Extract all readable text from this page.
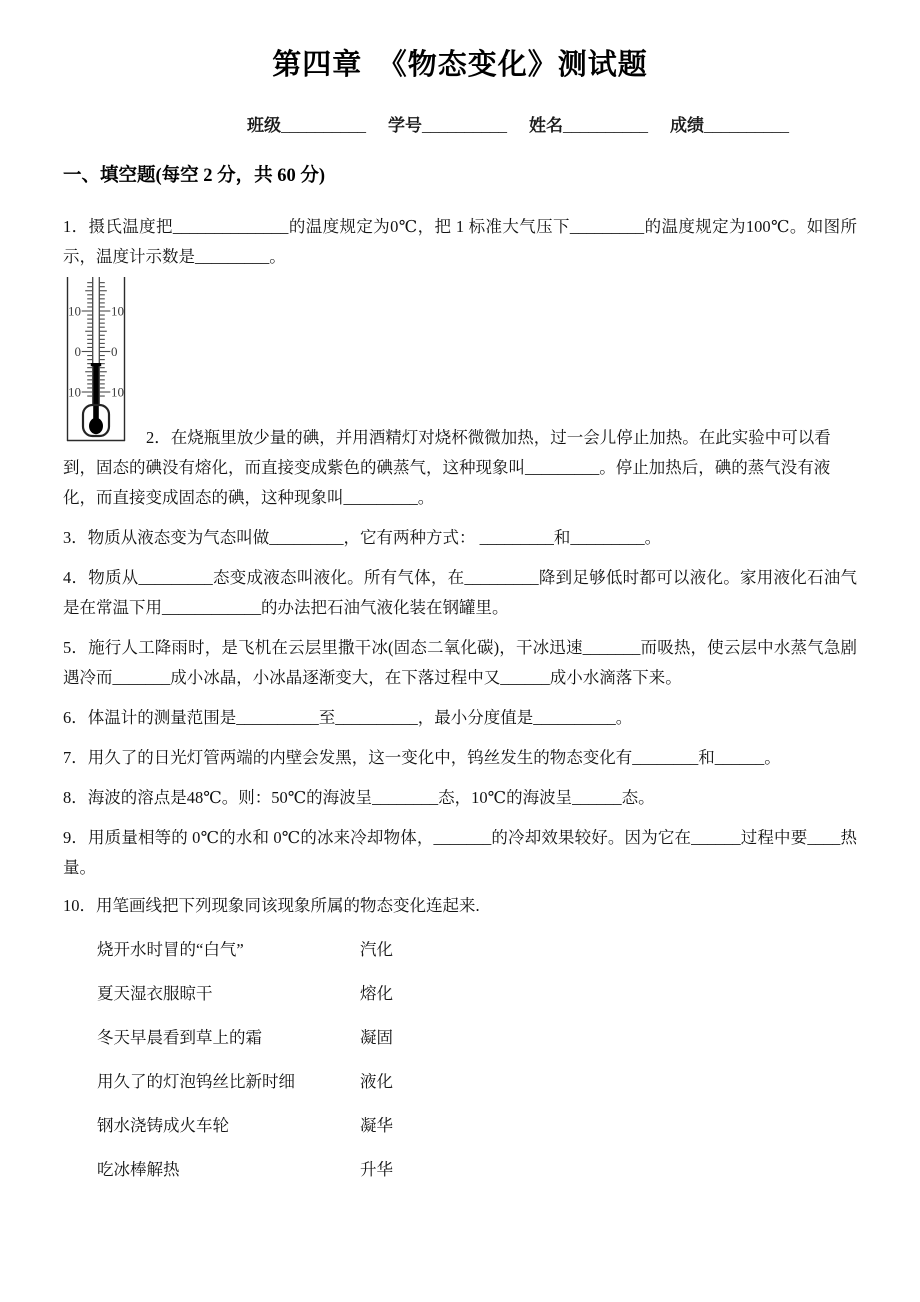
第四章　《物态变化》测试题
班级__________ 学号__________ 姓名__________ 成绩__________
一、填空题(每空 2 分，共 60 分)
1．摄氏温度把______________的温度规定为0℃，把 1 标准大气压下_________的温度规定为100℃。如图所示，温度计示数是_________。
10
0
10
10
0
10
2．在烧瓶里放少量的碘，并用酒精灯对烧杯微微加热，过一会儿停止加热。在此实验中可以看到，固态的碘没有熔化，而直接变成紫色的碘蒸气，这种现象叫_________。停止加热后，碘的蒸气没有液化，而直接变成固态的碘，这种现象叫_________。
3．物质从液态变为气态叫做_________，它有两种方式： _________和_________。
4．物质从_________态变成液态叫液化。所有气体，在_________降到足够低时都可以液化。家用液化石油气是在常温下用____________的办法把石油气液化装在钢罐里。
5．施行人工降雨时，是飞机在云层里撒干冰(固态二氧化碳)，干冰迅速_______而吸热，使云层中水蒸气急剧遇冷而_______成小冰晶，小冰晶逐渐变大，在下落过程中又______成小水滴落下来。
6．体温计的测量范围是__________至__________，最小分度值是__________。
7．用久了的日光灯管两端的内壁会发黑，这一变化中，钨丝发生的物态变化有________和______。
8．海波的溶点是48℃。则：50℃的海波呈________态，10℃的海波呈______态。
9．用质量相等的 0℃的水和 0℃的冰来冷却物体，_______的冷却效果较好。因为它在______过程中要____热量。
10．用笔画线把下列现象同该现象所属的物态变化连起来.
烧开水时冒的“白气”	汽化
夏天湿衣服晾干	熔化
冬天早晨看到草上的霜	凝固
用久了的灯泡钨丝比新时细	液化
钢水浇铸成火车轮	凝华
吃冰棒解热	升华
